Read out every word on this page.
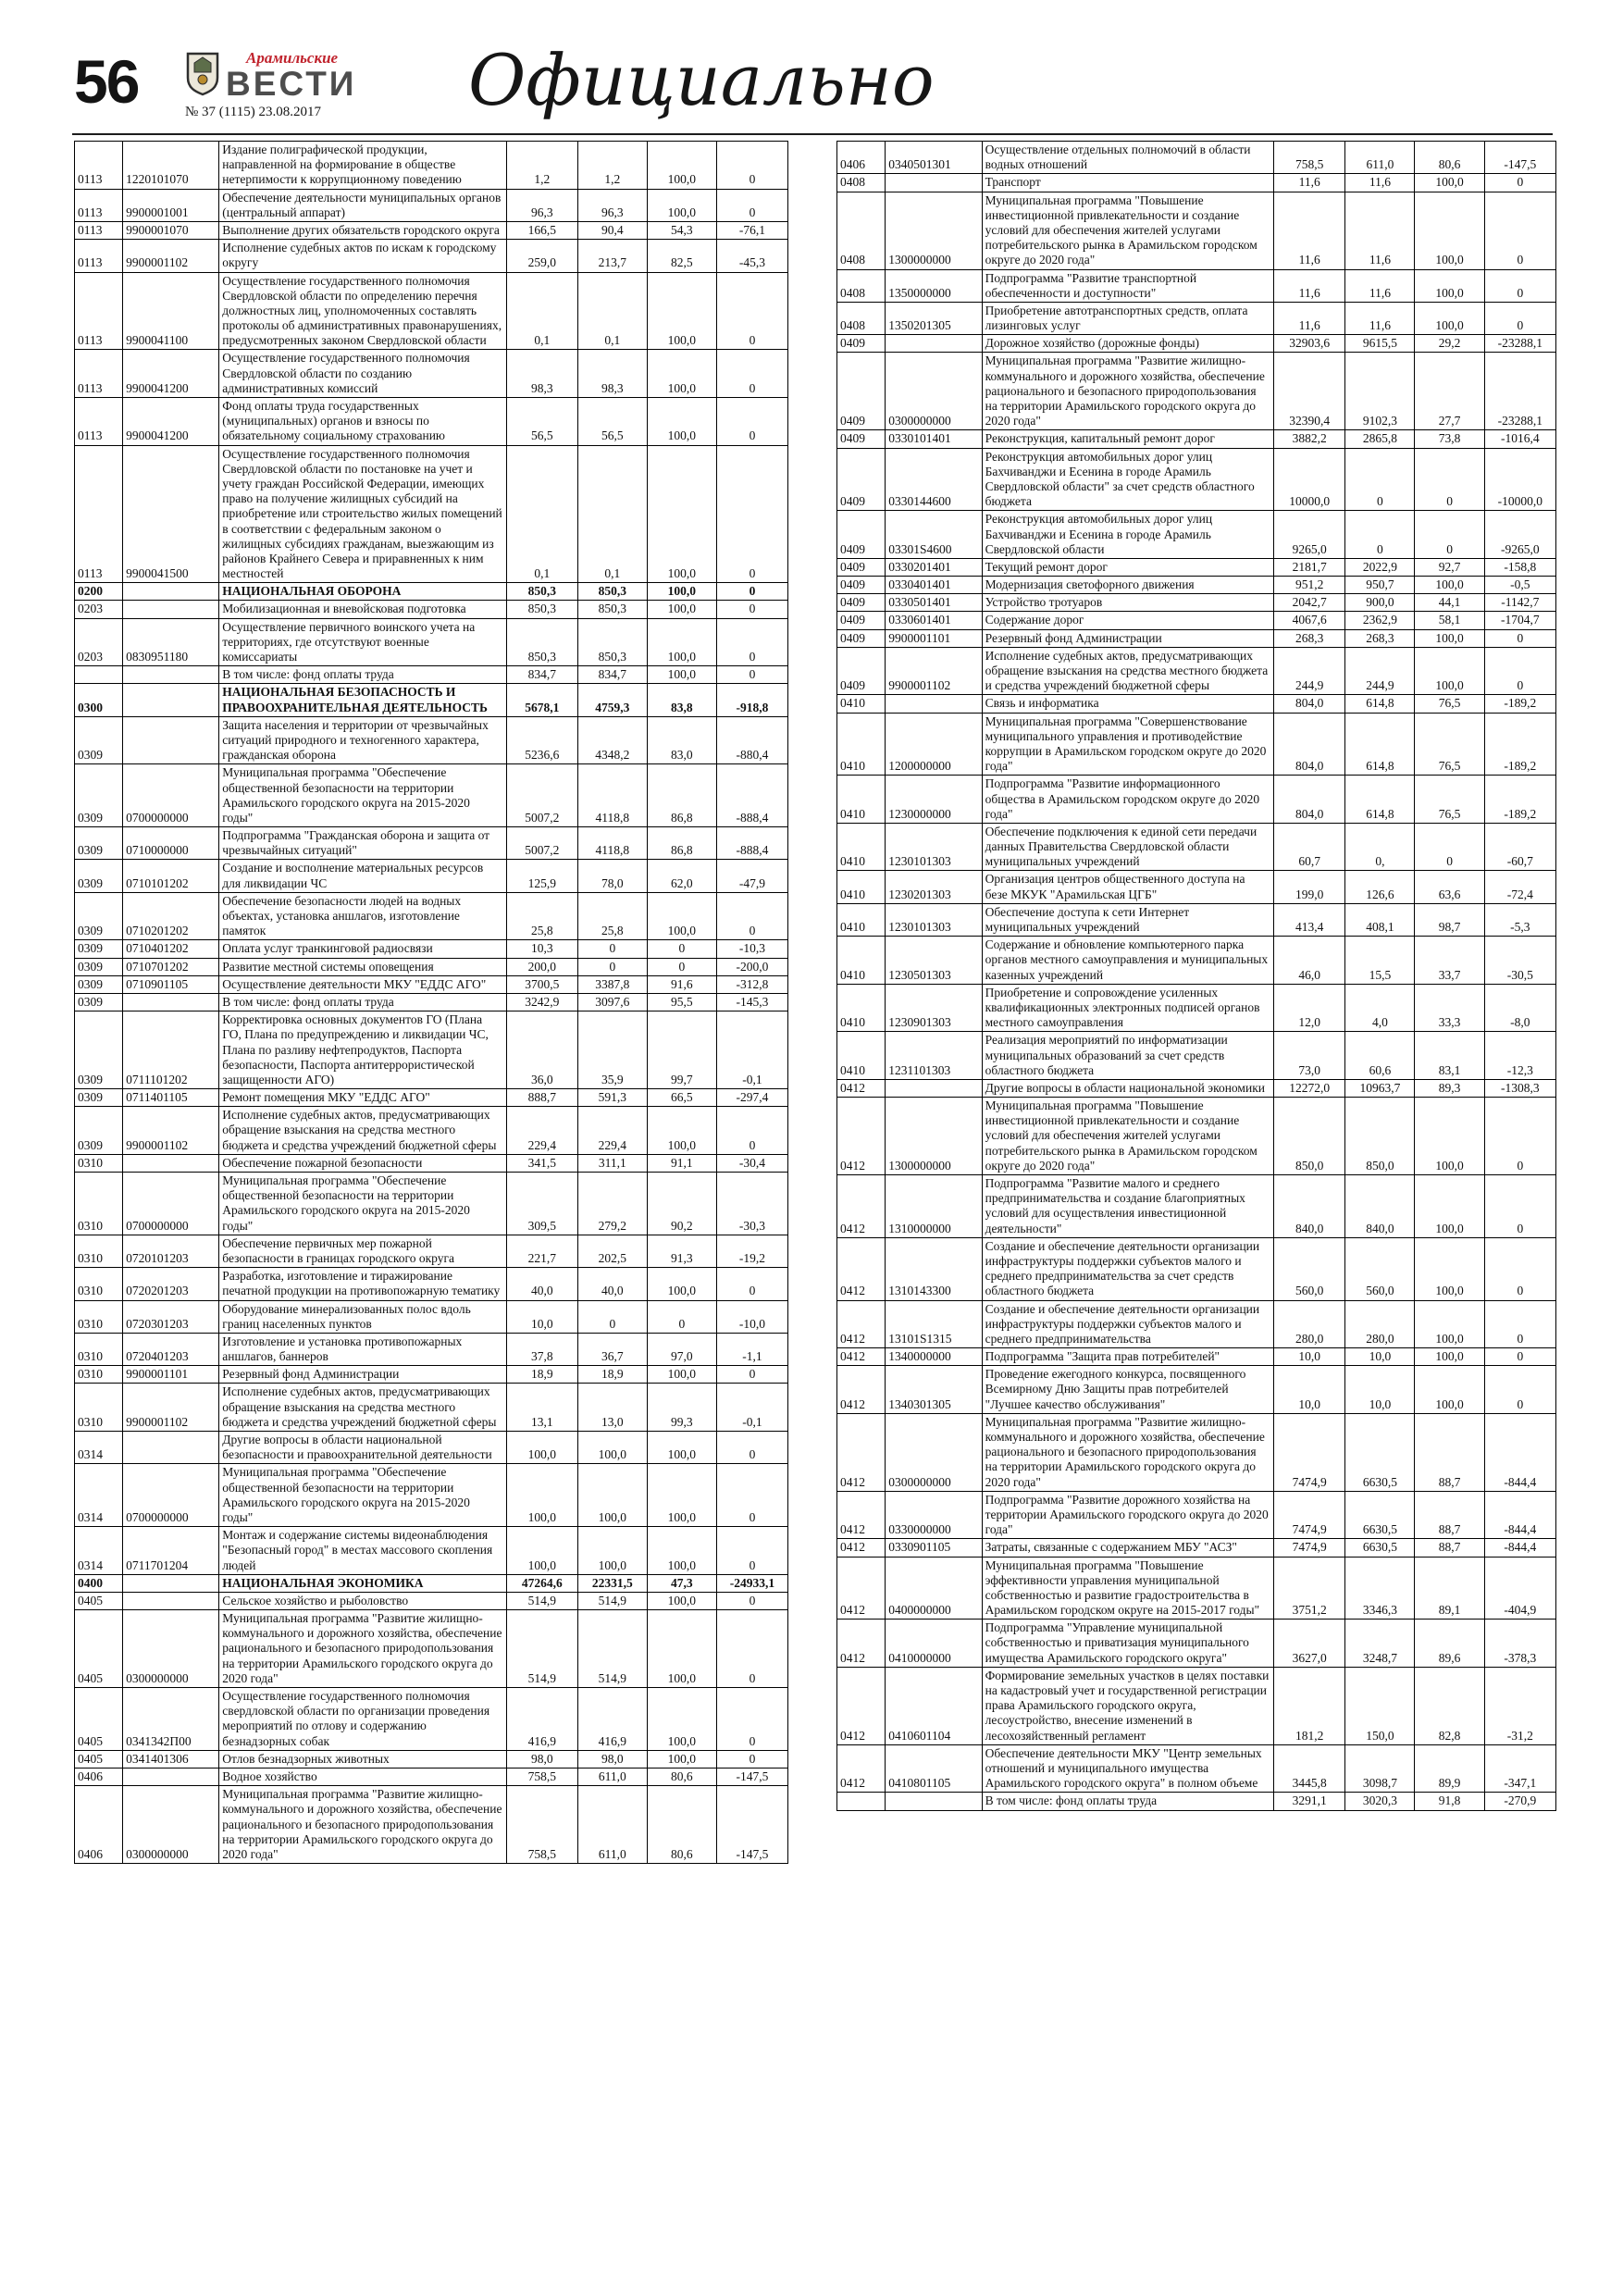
56	Арамильские
ВЕСТИ
№ 37 (1115) 23.08.2017	Официально
0113	1220101070	Издание полиграфической продукции, направленной на формирование в обществе нетерпимости к коррупционному поведению	1,2	1,2	100,0	0
0113	9900001001	Обеспечение деятельности муниципальных органов (центральный аппарат)	96,3	96,3	100,0	0
0113	9900001070	Выполнение других обязательств городского округа	166,5	90,4	54,3	-76,1
0113	9900001102	Исполнение судебных актов по искам к городскому округу	259,0	213,7	82,5	-45,3
0113	9900041100	Осуществление государственного полномочия Свердловской области по определению перечня должностных лиц, уполномоченных составлять протоколы об административных правонарушениях, предусмотренных законом Свердловской области	0,1	0,1	100,0	0
0113	9900041200	Осуществление государственного полномочия Свердловской области по созданию административных комиссий	98,3	98,3	100,0	0
0113	9900041200	Фонд оплаты труда государственных (муниципальных) органов и взносы по обязательному социальному страхованию	56,5	56,5	100,0	0
0113	9900041500	Осуществление государственного полномочия Свердловской области по постановке на учет и учету граждан Российской Федерации, имеющих право на получение жилищных субсидий на приобретение или строительство жилых помещений в соответствии с федеральным законом о жилищных субсидиях гражданам, выезжающим из районов Крайнего Севера и приравненных к ним местностей	0,1	0,1	100,0	0
0200		НАЦИОНАЛЬНАЯ ОБОРОНА	850,3	850,3	100,0	0
0203		Мобилизационная и вневойсковая подготовка	850,3	850,3	100,0	0
0203	0830951180	Осуществление первичного воинского учета на территориях, где отсутствуют военные комиссариаты	850,3	850,3	100,0	0
		В том числе: фонд оплаты труда	834,7	834,7	100,0	0
0300		НАЦИОНАЛЬНАЯ БЕЗОПАСНОСТЬ И ПРАВООХРАНИТЕЛЬНАЯ ДЕЯТЕЛЬНОСТЬ	5678,1	4759,3	83,8	-918,8
0309		Защита населения и территории от чрезвычайных ситуаций природного и техногенного характера, гражданская оборона	5236,6	4348,2	83,0	-880,4
0309	0700000000	Муниципальная программа "Обеспечение общественной безопасности на территории Арамильского городского округа на 2015-2020 годы"	5007,2	4118,8	86,8	-888,4
0309	0710000000	Подпрограмма "Гражданская оборона и защита от чрезвычайных ситуаций"	5007,2	4118,8	86,8	-888,4
0309	0710101202	Создание и восполнение материальных ресурсов для ликвидации ЧС	125,9	78,0	62,0	-47,9
0309	0710201202	Обеспечение безопасности людей на водных объектах, установка аншлагов, изготовление памяток	25,8	25,8	100,0	0
0309	0710401202	Оплата услуг транкинговой радиосвязи	10,3	0	0	-10,3
0309	0710701202	Развитие местной системы оповещения	200,0	0	0	-200,0
0309	0710901105	Осуществление деятельности МКУ "ЕДДС АГО"	3700,5	3387,8	91,6	-312,8
0309		В том числе: фонд оплаты труда	3242,9	3097,6	95,5	-145,3
0309	0711101202	Корректировка основных документов ГО (Плана ГО, Плана по предупреждению и ликвидации ЧС, Плана по разливу нефтепродуктов, Паспорта безопасности, Паспорта антитеррористической защищенности АГО)	36,0	35,9	99,7	-0,1
0309	0711401105	Ремонт помещения МКУ "ЕДДС АГО"	888,7	591,3	66,5	-297,4
0309	9900001102	Исполнение судебных актов, предусматривающих обращение взыскания на средства местного бюджета и средства учреждений бюджетной сферы	229,4	229,4	100,0	0
0310		Обеспечение пожарной безопасности	341,5	311,1	91,1	-30,4
0310	0700000000	Муниципальная программа "Обеспечение общественной безопасности на территории Арамильского городского округа на 2015-2020 годы"	309,5	279,2	90,2	-30,3
0310	0720101203	Обеспечение первичных мер пожарной безопасности в границах городского округа	221,7	202,5	91,3	-19,2
0310	0720201203	Разработка, изготовление и тиражирование печатной продукции на противопожарную тематику	40,0	40,0	100,0	0
0310	0720301203	Оборудование минерализованных полос вдоль границ населенных пунктов	10,0	0	0	-10,0
0310	0720401203	Изготовление и установка противопожарных аншлагов, баннеров	37,8	36,7	97,0	-1,1
0310	9900001101	Резервный фонд Администрации	18,9	18,9	100,0	0
0310	9900001102	Исполнение судебных актов, предусматривающих обращение взыскания на средства местного бюджета и средства учреждений бюджетной сферы	13,1	13,0	99,3	-0,1
0314		Другие вопросы в области национальной безопасности и правоохранительной деятельности	100,0	100,0	100,0	0
0314	0700000000	Муниципальная программа "Обеспечение общественной безопасности на территории Арамильского городского округа на 2015-2020 годы"	100,0	100,0	100,0	0
0314	0711701204	Монтаж и содержание системы видеонаблюдения "Безопасный город" в местах массового скопления людей	100,0	100,0	100,0	0
0400		НАЦИОНАЛЬНАЯ ЭКОНОМИКА	47264,6	22331,5	47,3	-24933,1
0405		Сельское хозяйство и рыболовство	514,9	514,9	100,0	0
0405	0300000000	Муниципальная программа "Развитие жилищно-коммунального и дорожного хозяйства, обеспечение рационального и безопасного природопользования на территории Арамильского городского округа до 2020 года"	514,9	514,9	100,0	0
0405	0341342П00	Осуществление государственного полномочия свердловской области по организации проведения мероприятий по отлову и содержанию безнадзорных собак	416,9	416,9	100,0	0
0405	0341401306	Отлов безнадзорных животных	98,0	98,0	100,0	0
0406		Водное хозяйство	758,5	611,0	80,6	-147,5
0406	0300000000	Муниципальная программа "Развитие жилищно-коммунального и дорожного хозяйства, обеспечение рационального и безопасного природопользования на территории Арамильского городского округа до 2020 года"	758,5	611,0	80,6	-147,5
0406	0340501301	Осуществление отдельных полномочий в области водных отношений	758,5	611,0	80,6	-147,5
0408		Транспорт	11,6	11,6	100,0	0
0408	1300000000	Муниципальная программа "Повышение инвестиционной привлекательности и создание условий для обеспечения жителей услугами потребительского рынка в Арамильском городском округе до 2020 года"	11,6	11,6	100,0	0
0408	1350000000	Подпрограмма "Развитие транспортной обеспеченности и доступности"	11,6	11,6	100,0	0
0408	1350201305	Приобретение автотранспортных средств, оплата лизинговых услуг	11,6	11,6	100,0	0
0409		Дорожное хозяйство (дорожные фонды)	32903,6	9615,5	29,2	-23288,1
0409	0300000000	Муниципальная программа "Развитие жилищно-коммунального и дорожного хозяйства, обеспечение рационального и безопасного природопользования на территории Арамильского городского округа до 2020 года"	32390,4	9102,3	27,7	-23288,1
0409	0330101401	Реконструкция, капитальный ремонт дорог	3882,2	2865,8	73,8	-1016,4
0409	0330144600	Реконструкция автомобильных дорог улиц Бахчиванджи и Есенина в городе Арамиль Свердловской области" за счет средств областного бюджета	10000,0	0	0	-10000,0
0409	03301S4600	Реконструкция автомобильных дорог улиц Бахчиванджи и Есенина в городе Арамиль Свердловской области	9265,0	0	0	-9265,0
0409	0330201401	Текущий ремонт дорог	2181,7	2022,9	92,7	-158,8
0409	0330401401	Модернизация светофорного движения	951,2	950,7	100,0	-0,5
0409	0330501401	Устройство тротуаров	2042,7	900,0	44,1	-1142,7
0409	0330601401	Содержание дорог	4067,6	2362,9	58,1	-1704,7
0409	9900001101	Резервный фонд Администрации	268,3	268,3	100,0	0
0409	9900001102	Исполнение судебных актов, предусматривающих обращение взыскания на средства местного бюджета и средства учреждений бюджетной сферы	244,9	244,9	100,0	0
0410		Связь и информатика	804,0	614,8	76,5	-189,2
0410	1200000000	Муниципальная программа "Совершенствование муниципального управления и противодействие коррупции в Арамильском городском округе до 2020 года"	804,0	614,8	76,5	-189,2
0410	1230000000	Подпрограмма "Развитие информационного общества в Арамильском городском округе до 2020 года"	804,0	614,8	76,5	-189,2
0410	1230101303	Обеспечение подключения к единой сети передачи данных Правительства Свердловской области муниципальных учреждений	60,7	0,	0	-60,7
0410	1230201303	Организация центров общественного доступа на безе МКУК "Арамильская ЦГБ"	199,0	126,6	63,6	-72,4
0410	1230101303	Обеспечение доступа к сети Интернет муниципальных учреждений	413,4	408,1	98,7	-5,3
0410	1230501303	Содержание и обновление компьютерного парка органов местного самоуправления и муниципальных казенных учреждений	46,0	15,5	33,7	-30,5
0410	1230901303	Приобретение и сопровождение усиленных квалификационных электронных подписей органов местного самоуправления	12,0	4,0	33,3	-8,0
0410	1231101303	Реализация мероприятий по информатизации муниципальных образований за счет средств областного бюджета	73,0	60,6	83,1	-12,3
0412		Другие вопросы в области национальной экономики	12272,0	10963,7	89,3	-1308,3
0412	1300000000	Муниципальная программа "Повышение инвестиционной привлекательности и создание условий для обеспечения жителей услугами потребительского рынка в Арамильском городском округе до 2020 года"	850,0	850,0	100,0	0
0412	1310000000	Подпрограмма "Развитие малого и среднего предпринимательства и создание благоприятных условий для осуществления инвестиционной деятельности"	840,0	840,0	100,0	0
0412	1310143300	Создание и обеспечение деятельности организации инфраструктуры поддержки субъектов малого и среднего предпринимательства за счет средств областного бюджета	560,0	560,0	100,0	0
0412	13101S1315	Создание и обеспечение деятельности организации инфраструктуры поддержки субъектов малого и среднего предпринимательства	280,0	280,0	100,0	0
0412	1340000000	Подпрограмма "Защита прав потребителей"	10,0	10,0	100,0	0
0412	1340301305	Проведение ежегодного конкурса, посвященного Всемирному Дню Защиты прав потребителей "Лучшее качество обслуживания"	10,0	10,0	100,0	0
0412	0300000000	Муниципальная программа "Развитие жилищно-коммунального и дорожного хозяйства, обеспечение рационального и безопасного природопользования на территории Арамильского городского округа до 2020 года"	7474,9	6630,5	88,7	-844,4
0412	0330000000	Подпрограмма "Развитие дорожного хозяйства на территории Арамильского городского округа до 2020 года"	7474,9	6630,5	88,7	-844,4
0412	0330901105	Затраты, связанные с содержанием МБУ "АСЗ"	7474,9	6630,5	88,7	-844,4
0412	0400000000	Муниципальная программа "Повышение эффективности управления муниципальной собственностью и развитие градостроительства в Арамильском городском округе на 2015-2017 годы"	3751,2	3346,3	89,1	-404,9
0412	0410000000	Подпрограмма "Управление муниципальной собственностью и приватизация муниципального имущества Арамильского городского округа"	3627,0	3248,7	89,6	-378,3
0412	0410601104	Формирование земельных участков в целях поставки на кадастровый учет и государственной регистрации права Арамильского городского округа, лесоустройство, внесение изменений в лесохозяйственный регламент	181,2	150,0	82,8	-31,2
0412	0410801105	Обеспечение деятельности МКУ "Центр земельных отношений и муниципального имущества Арамильского городского округа" в полном объеме	3445,8	3098,7	89,9	-347,1
		В том числе: фонд оплаты труда	3291,1	3020,3	91,8	-270,9
